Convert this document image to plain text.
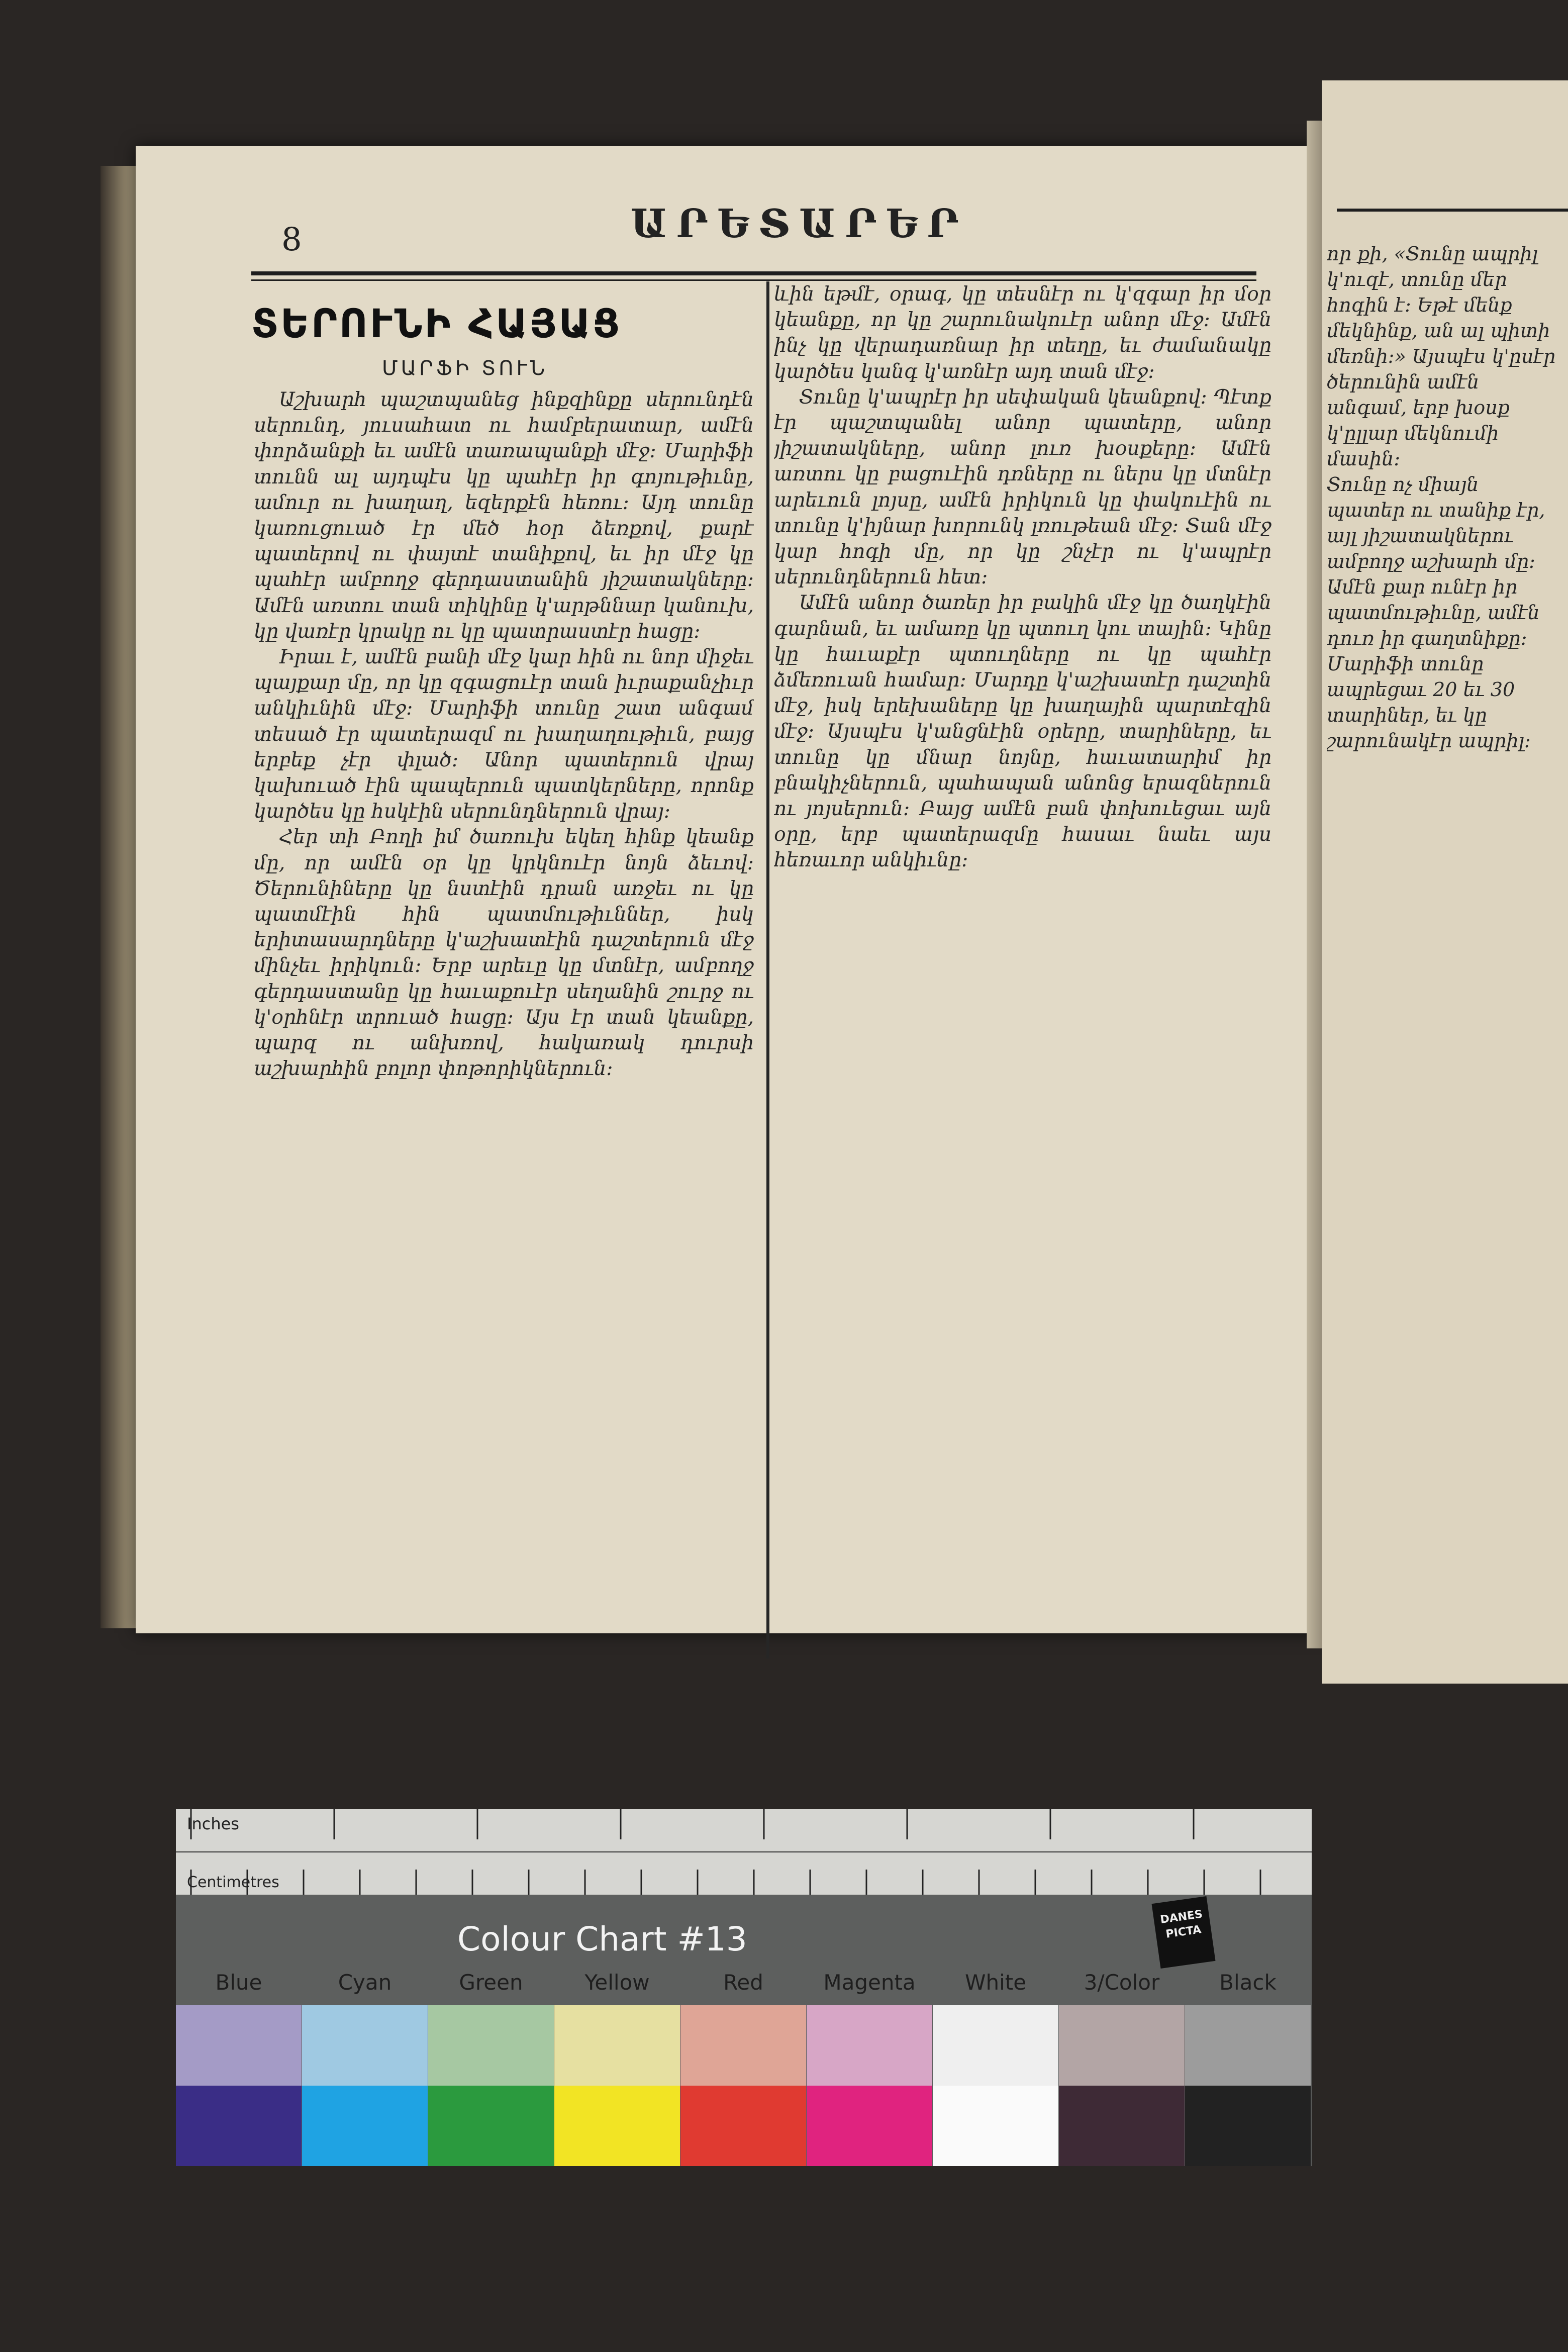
8	ԱՐԵՏԱՐԵՐ
ՏԵՐՈՒՆԻ ՀԱՅԱՑ
ՄԱՐՖԻ ՏՈՒՆ

Աշխարհ պաշտպանեց ինքզինքը սերունդէն սերունդ, յուսահատ ու համբերատար, ամէն փորձանքի եւ ամէն տառապանքի մէջ։ Մարիֆի տունն ալ այդպէս կը պահէր իր գոյութիւնը, ամուր ու խաղաղ, եզերքէն հեռու։ Այդ տունը կառուցուած էր մեծ հօր ձեռքով, քարէ պատերով ու փայտէ տանիքով, եւ իր մէջ կը պահէր ամբողջ գերդաստանին յիշատակները։ Ամէն առտու տան տիկինը կ'արթննար կանուխ, կը վառէր կրակը ու կը պատրաստէր հացը։

Իրաւ է, ամէն բանի մէջ կար հին ու նոր միջեւ պայքար մը, որ կը զգացուէր տան իւրաքանչիւր անկիւնին մէջ։ Մարիֆի տունը շատ անգամ տեսած էր պատերազմ ու խաղաղութիւն, բայց երբեք չէր փլած։ Անոր պատերուն վրայ կախուած էին պապերուն պատկերները, որոնք կարծես կը հսկէին սերունդներուն վրայ։

Հեր տի Բողի իմ ծառուխ եկեղ հինք կեանք մը, որ ամէն օր կը կրկնուէր նոյն ձեւով։ Ծերունիները կը նստէին դրան առջեւ ու կը պատմէին հին պատմութիւններ, իսկ երիտասարդները կ'աշխատէին դաշտերուն մէջ մինչեւ իրիկուն։ Երբ արեւը կը մտնէր, ամբողջ գերդաստանը կը հաւաքուէր սեղանին շուրջ ու կ'օրհնէր տրուած հացը։ Այս էր տան կեանքը, պարզ ու անխռով, հակառակ դուրսի աշխարհին բոլոր փոթորիկներուն։

ևին եթմէ, օրագ, կը տեսնէր ու կ'զգար իր մօր կեանքը, որ կը շարունակուէր անոր մէջ։ Ամէն ինչ կը վերադառնար իր տեղը, եւ ժամանակը կարծես կանգ կ'առնէր այդ տան մէջ։

Տունը կ'ապրէր իր սեփական կեանքով։ Պէտք էր պաշտպանել անոր պատերը, անոր յիշատակները, անոր լուռ խօսքերը։ Ամէն առտու կը բացուէին դռները ու ներս կը մտնէր արեւուն լոյսը, ամէն իրիկուն կը փակուէին ու տունը կ'իյնար խորունկ լռութեան մէջ։ Տան մէջ կար հոգի մը, որ կը շնչէր ու կ'ապրէր սերունդներուն հետ։

Ամէն անոր ծառեր իր բակին մէջ կը ծաղկէին գարնան, եւ ամառը կը պտուղ կու տային։ Կինը կը հաւաքէր պտուղները ու կը պահէր ձմեռուան համար։ Մարդը կ'աշխատէր դաշտին մէջ, իսկ երեխաները կը խաղային պարտէզին մէջ։ Այսպէս կ'անցնէին օրերը, տարիները, եւ տունը կը մնար նոյնը, հաւատարիմ իր բնակիչներուն, պահապան անոնց երազներուն ու յոյսերուն։ Բայց ամէն բան փոխուեցաւ այն օրը, երբ պատերազմը հասաւ նաեւ այս հեռաւոր անկիւնը։

որ քի, «Տունը ապրիլ կ'ուզէ, տունը մեր հոգին է։ Եթէ մենք մեկնինք, ան ալ պիտի մեռնի։» Այսպէս կ'ըսէր ծերունին ամէն անգամ, երբ խօսք կ'ըլլար մեկնումի մասին։

Տունը ոչ միայն պատեր ու տանիք էր, այլ յիշատակներու ամբողջ աշխարհ մը։ Ամէն քար ունէր իր պատմութիւնը, ամէն դուռ իր գաղտնիքը։ Մարիֆի տունը ապրեցաւ 20 եւ 30 տարիներ, եւ կը շարունակէր ապրիլ։

Inches
Centimetres
Colour Chart #13
DANES PICTA
Blue	Cyan	Green	Yellow	Red	Magenta	White	3/Color	Black
